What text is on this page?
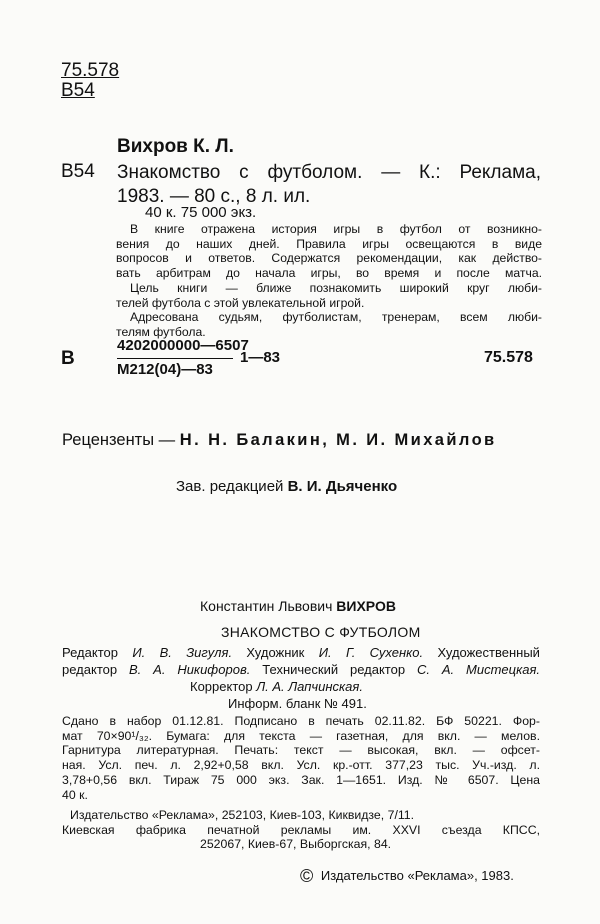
75.578
В54
Вихров К. Л.
В54 Знакомство с футболом. — К.: Реклама,
1983. — 80 с., 8 л. ил.
40 к. 75 000 экз.
В книге отражена история игры в футбол от возникно-
вения до наших дней. Правила игры освещаются в виде
вопросов и ответов. Содержатся рекомендации, как действо-
вать арбитрам до начала игры, во время и после матча.
Цель книги — ближе познакомить широкий круг люби-
телей футбола с этой увлекательной игрой.
Адресована судьям, футболистам, тренерам, всем люби-
телям футбола.
В
4202000000—6507
М212(04)—83
1—83	75.578
Рецензенты — Н. Н. Балакин, М. И. Михайлов
Зав. редакцией В. И. Дьяченко
Константин Львович ВИХРОВ
ЗНАКОМСТВО С ФУТБОЛОМ
Редактор И. В. Зигуля. Художник И. Г. Сухенко. Художественный
редактор В. А. Никифоров. Технический редактор С. А. Мистецкая.
Корректор Л. А. Лапчинская.
Информ. бланк № 491.
Сдано в набор 01.12.81. Подписано в печать 02.11.82. БФ 50221. Фор-
мат 70×90¹/₃₂. Бумага: для текста — газетная, для вкл. — мелов.
Гарнитура литературная. Печать: текст — высокая, вкл. — офсет-
ная. Усл. печ. л. 2,92+0,58 вкл. Усл. кр.-отт. 377,23 тыс. Уч.-изд. л.
3,78+0,56 вкл. Тираж 75 000 экз. Зак. 1—1651. Изд. № 6507. Цена
40 к.
Издательство «Реклама», 252103, Киев-103, Киквидзе, 7/11.
Киевская фабрика печатной рекламы им. XXVI съезда КПСС,
252067, Киев-67, Выборгская, 84.
© Издательство «Реклама», 1983.
